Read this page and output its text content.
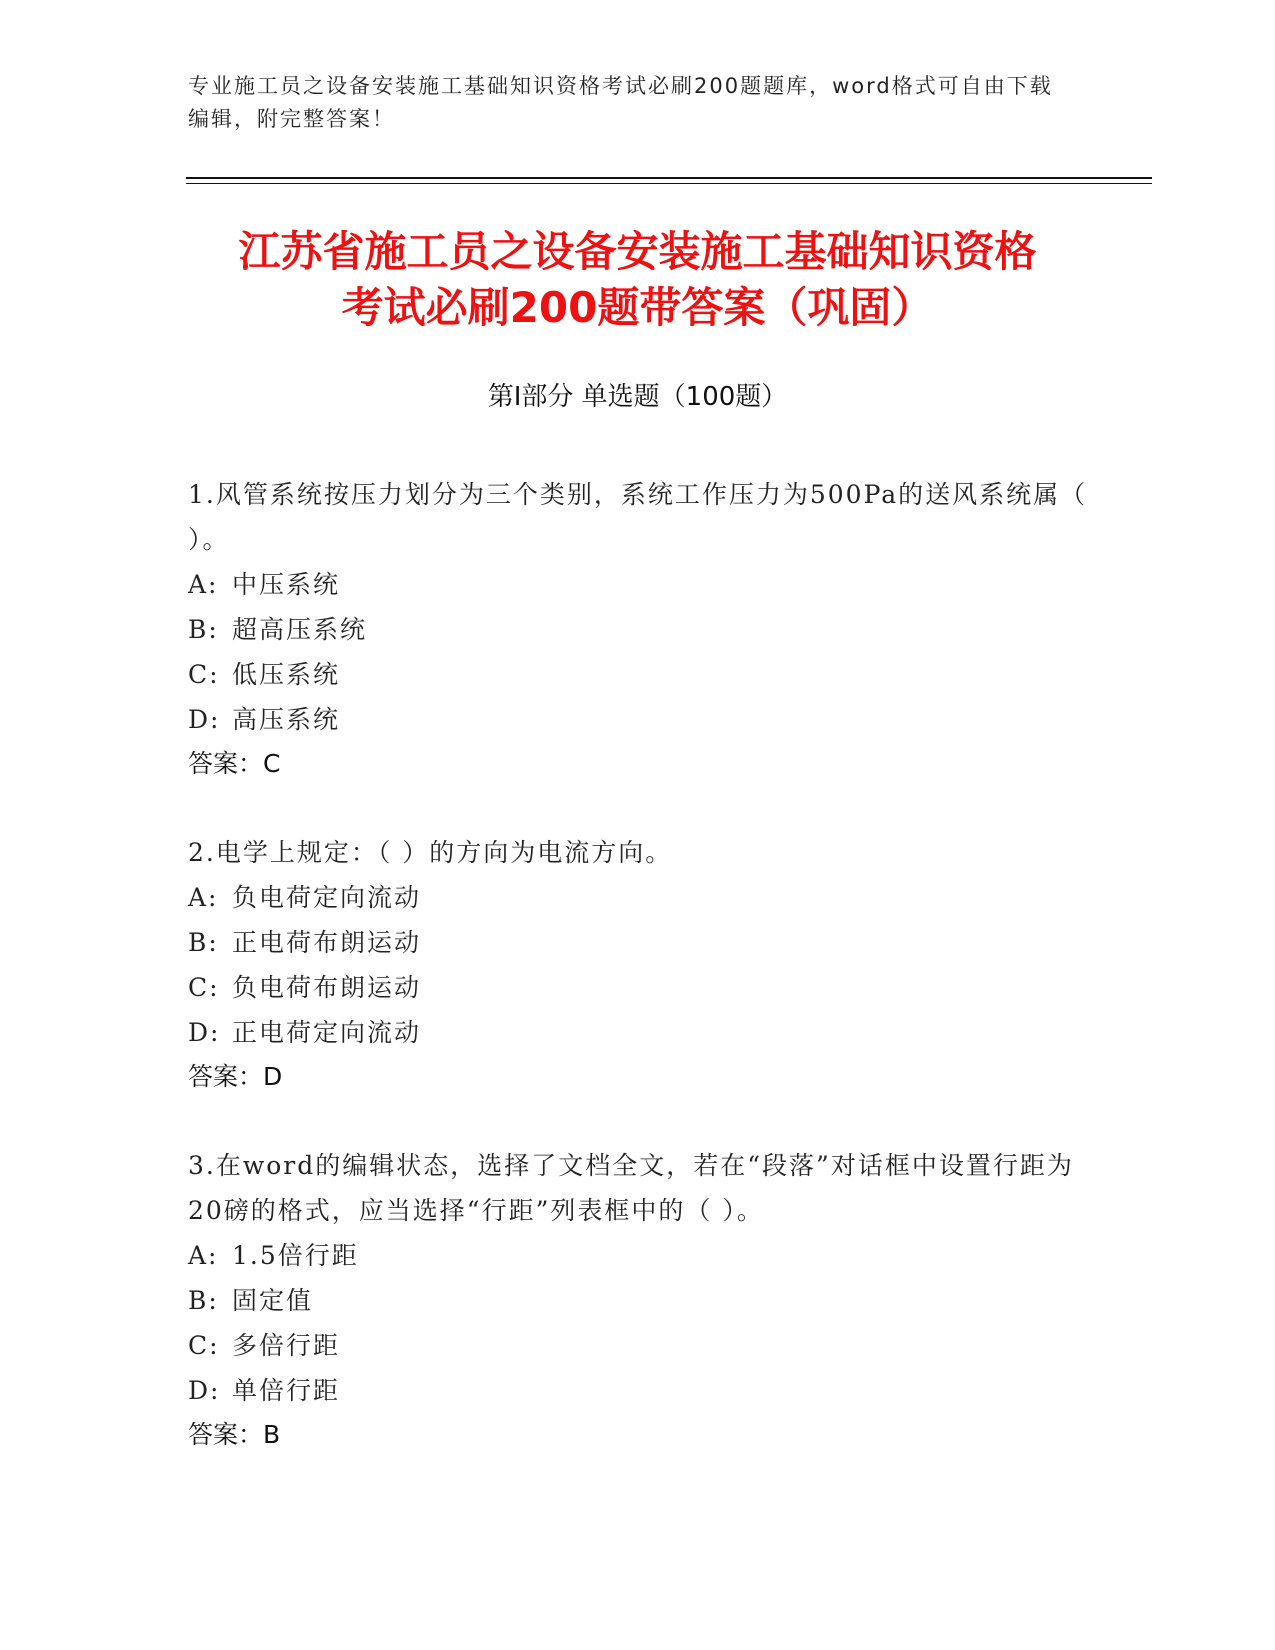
专业施工员之设备安装施工基础知识资格考试必刷200题题库，word格式可自由下载编辑，附完整答案！
江苏省施工员之设备安装施工基础知识资格
考试必刷200题带答案（巩固）
第Ⅰ部分 单选题（100题）

1.风管系统按压力划分为三个类别，系统工作压力为500Pa的送风系统属（ ）。

A: 中压系统

B: 超高压系统

C: 低压系统

D: 高压系统

答案：C

2.电学上规定：（ ）的方向为电流方向。

A: 负电荷定向流动

B: 正电荷布朗运动

C: 负电荷布朗运动

D: 正电荷定向流动

答案：D

3.在word的编辑状态，选择了文档全文，若在“段落”对话框中设置行距为20磅的格式，应当选择“行距”列表框中的（ ）。

A: 1.5倍行距

B: 固定值

C: 多倍行距

D: 单倍行距

答案：B
